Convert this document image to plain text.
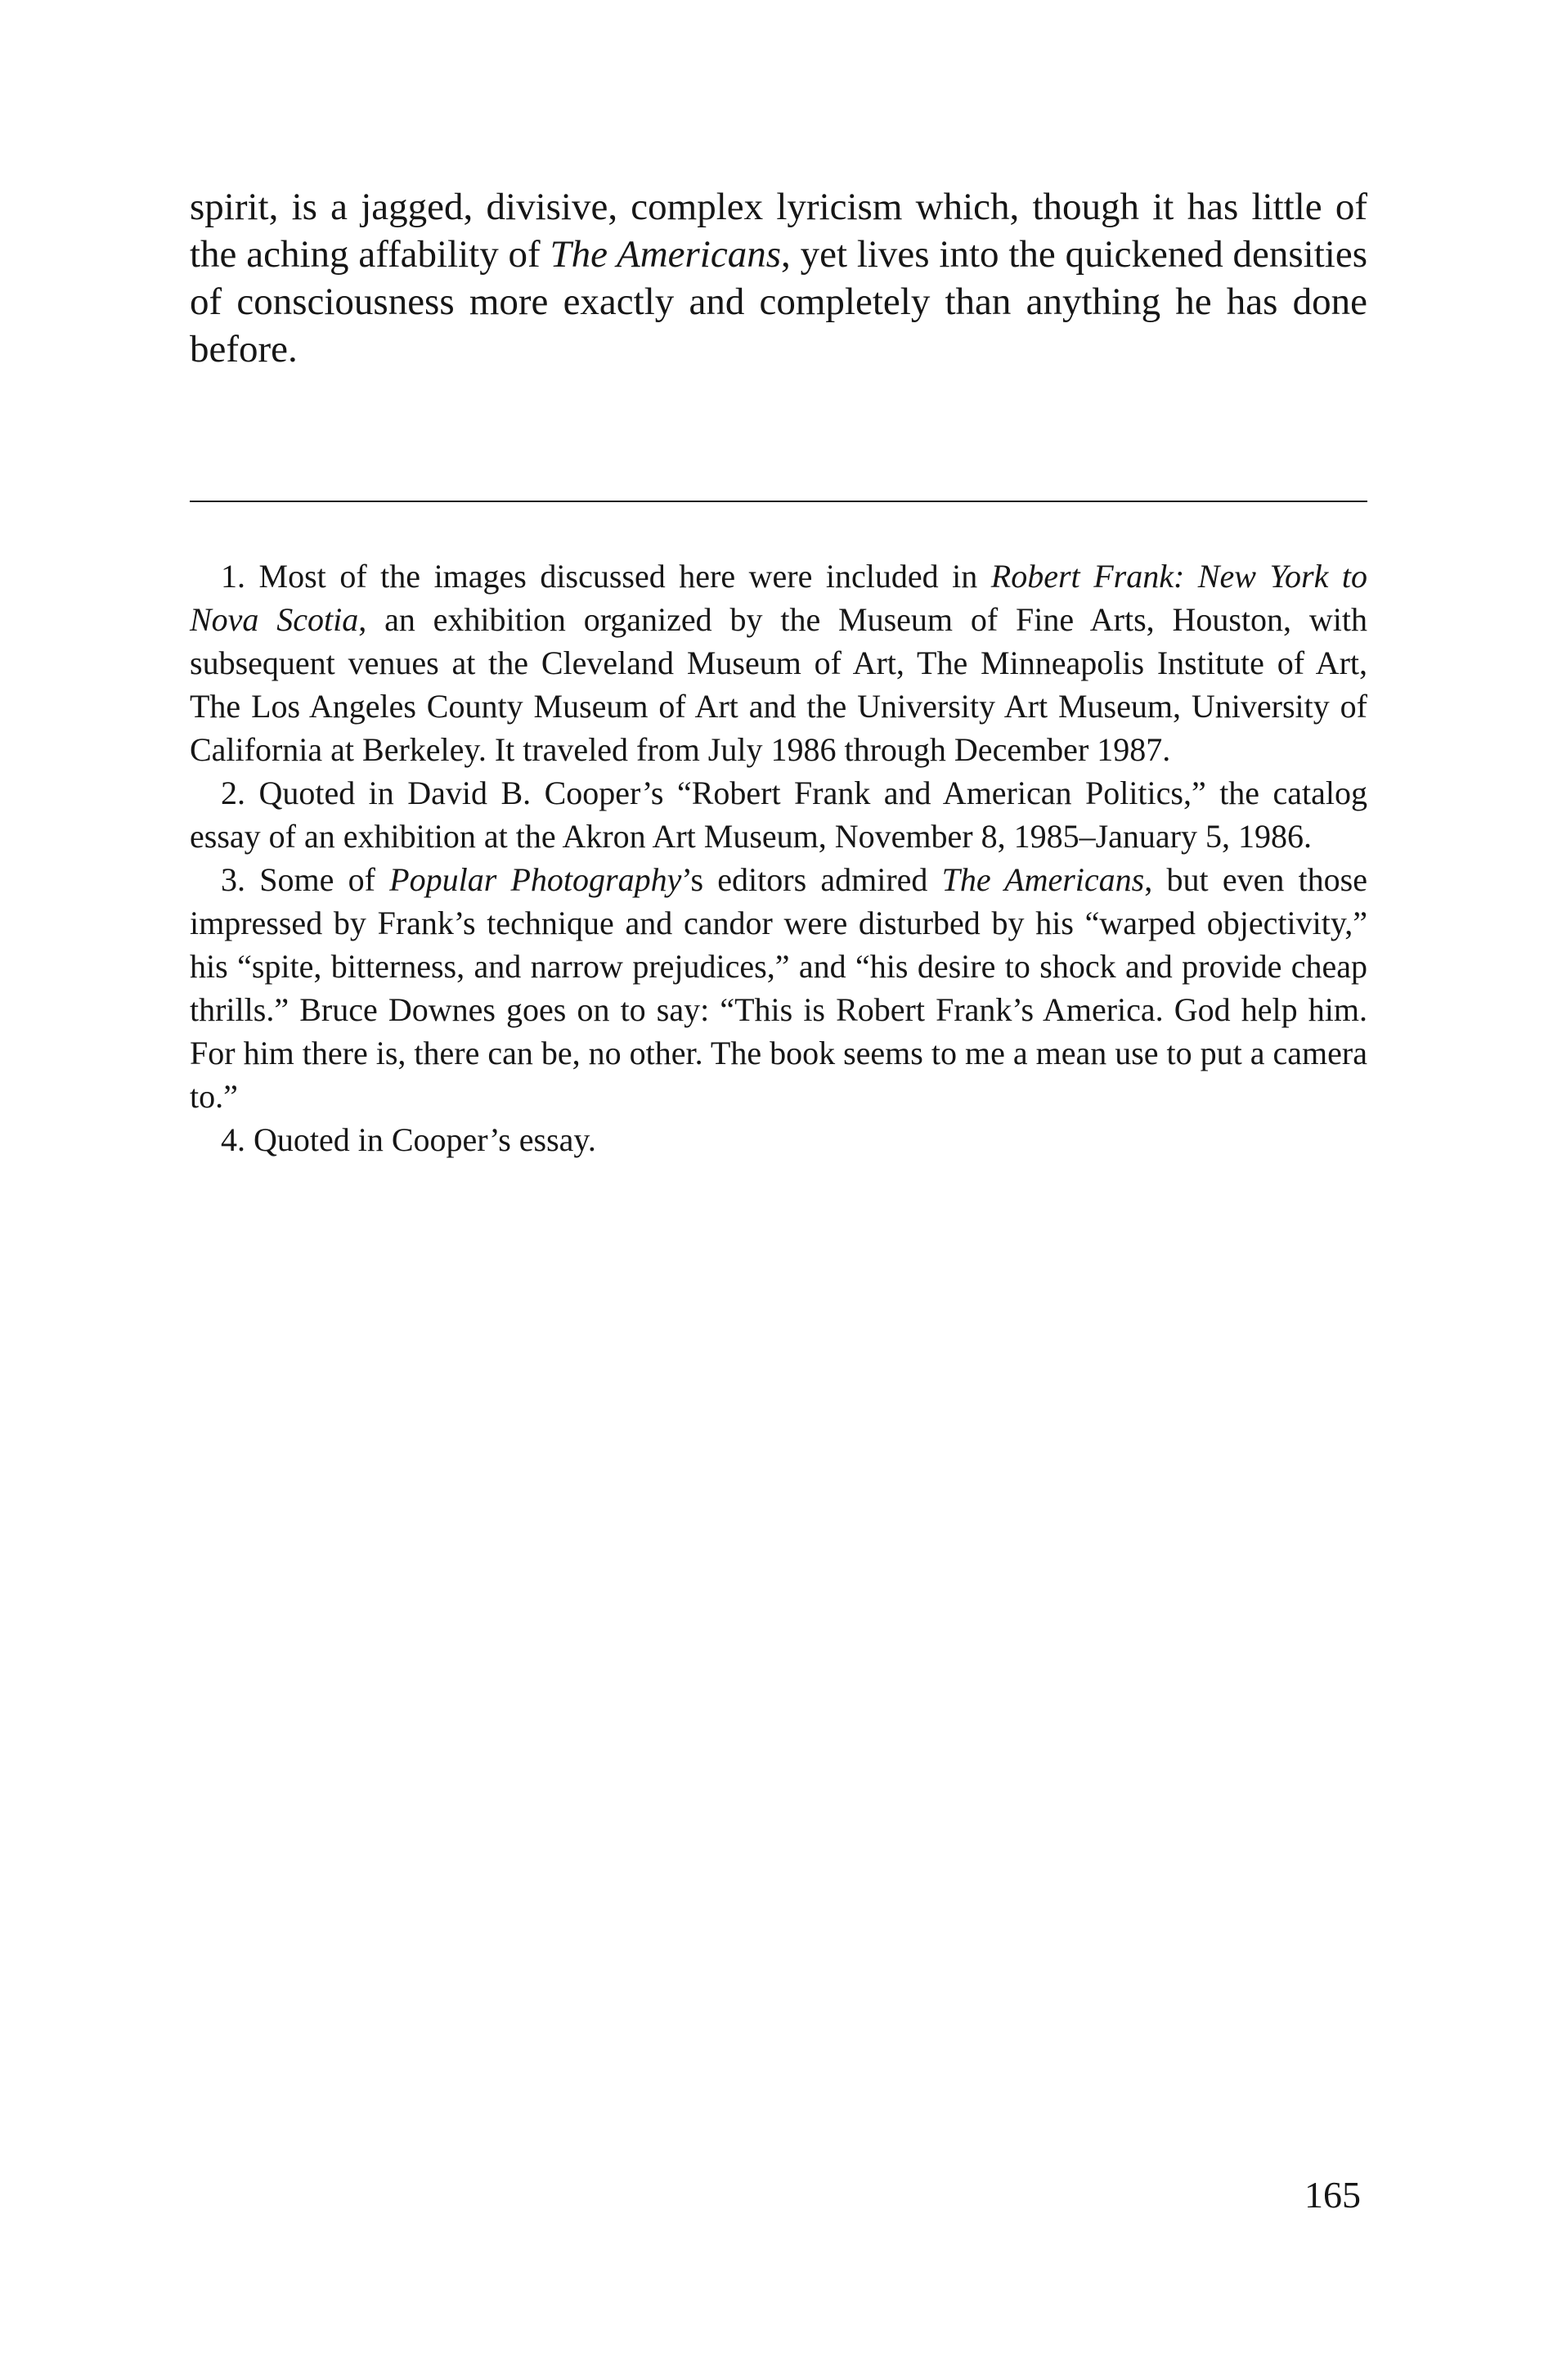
spirit, is a jagged, divisive, complex lyricism which, though it has little of the aching affability of The Americans, yet lives into the quickened densities of consciousness more exactly and completely than anything he has done before.

1. Most of the images discussed here were included in Robert Frank: New York to Nova Scotia, an exhibition organized by the Museum of Fine Arts, Houston, with subsequent venues at the Cleveland Museum of Art, The Minneapolis Institute of Art, The Los Angeles County Museum of Art and the University Art Museum, University of California at Berkeley. It traveled from July 1986 through December 1987.

2. Quoted in David B. Cooper’s “Robert Frank and American Politics,” the catalog essay of an exhibition at the Akron Art Museum, November 8, 1985–January 5, 1986.

3. Some of Popular Photography’s editors admired The Americans, but even those impressed by Frank’s technique and candor were disturbed by his “warped objectivity,” his “spite, bitterness, and narrow prejudices,” and “his desire to shock and provide cheap thrills.” Bruce Downes goes on to say: “This is Robert Frank’s America. God help him. For him there is, there can be, no other. The book seems to me a mean use to put a camera to.”

4. Quoted in Cooper’s essay.

165
